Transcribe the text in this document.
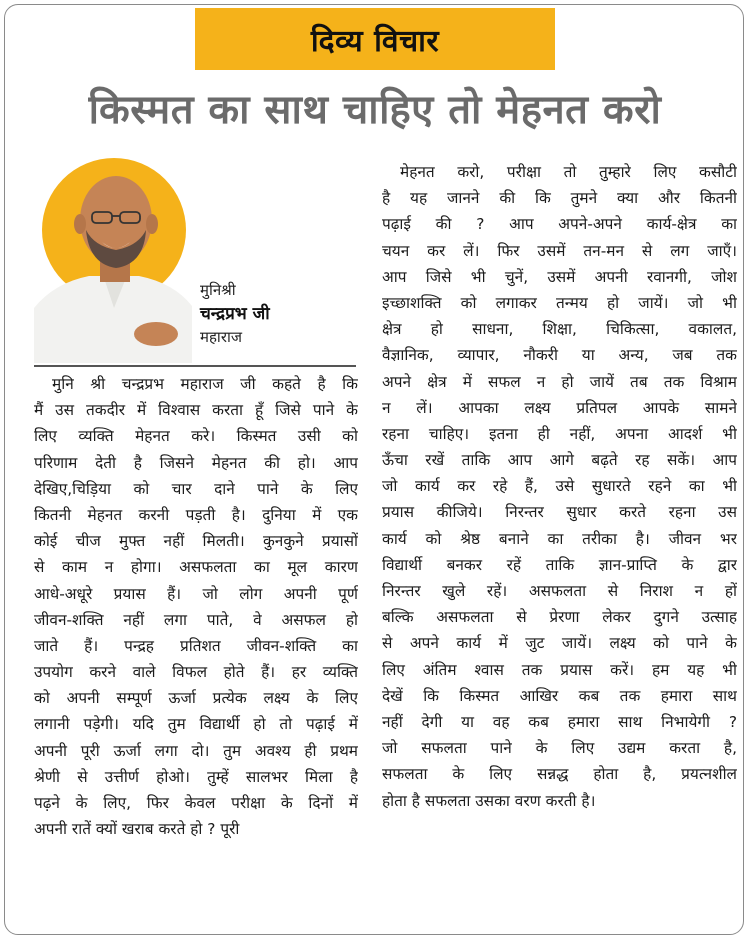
दिव्य विचार
किस्मत का साथ चाहिए तो मेहनत करो
मुनिश्री
चन्द्रप्रभ जी
महाराज
मुनि श्री चन्द्रप्रभ महाराज जी कहते है कि
मैं उस तकदीर में विश्वास करता हूँ जिसे पाने के
लिए व्यक्ति मेहनत करे। किस्मत उसी को
परिणाम देती है जिसने मेहनत की हो। आप
देखिए,चिड़िया को चार दाने पाने के लिए
कितनी मेहनत करनी पड़ती है। दुनिया में एक
कोई चीज मुफ्त नहीं मिलती। कुनकुने प्रयासों
से काम न होगा। असफलता का मूल कारण
आधे-अधूरे प्रयास हैं। जो लोग अपनी पूर्ण
जीवन-शक्ति नहीं लगा पाते, वे असफल हो
जाते हैं। पन्द्रह प्रतिशत जीवन-शक्ति का
उपयोग करने वाले विफल होते हैं। हर व्यक्ति
को अपनी सम्पूर्ण ऊर्जा प्रत्येक लक्ष्य के लिए
लगानी पड़ेगी। यदि तुम विद्यार्थी हो तो पढ़ाई में
अपनी पूरी ऊर्जा लगा दो। तुम अवश्य ही प्रथम
श्रेणी से उत्तीर्ण होओ। तुम्हें सालभर मिला है
पढ़ने के लिए, फिर केवल परीक्षा के दिनों में
अपनी रातें क्यों खराब करते हो ? पूरी
मेहनत करो, परीक्षा तो तुम्हारे लिए कसौटी
है यह जानने की कि तुमने क्या और कितनी
पढ़ाई की ? आप अपने-अपने कार्य-क्षेत्र का
चयन कर लें। फिर उसमें तन-मन से लग जाएँ।
आप जिसे भी चुनें, उसमें अपनी रवानगी, जोश
इच्छाशक्ति को लगाकर तन्मय हो जायें। जो भी
क्षेत्र हो साधना, शिक्षा, चिकित्सा, वकालत,
वैज्ञानिक, व्यापार, नौकरी या अन्य, जब तक
अपने क्षेत्र में सफल न हो जायें तब तक विश्राम
न लें। आपका लक्ष्य प्रतिपल आपके सामने
रहना चाहिए। इतना ही नहीं, अपना आदर्श भी
ऊँचा रखें ताकि आप आगे बढ़ते रह सकें। आप
जो कार्य कर रहे हैं, उसे सुधारते रहने का भी
प्रयास कीजिये। निरन्तर सुधार करते रहना उस
कार्य को श्रेष्ठ बनाने का तरीका है। जीवन भर
विद्यार्थी बनकर रहें ताकि ज्ञान-प्राप्ति के द्वार
निरन्तर खुले रहें। असफलता से निराश न हों
बल्कि असफलता से प्रेरणा लेकर दुगने उत्साह
से अपने कार्य में जुट जायें। लक्ष्य को पाने के
लिए अंतिम श्वास तक प्रयास करें। हम यह भी
देखें कि किस्मत आखिर कब तक हमारा साथ
नहीं देगी या वह कब हमारा साथ निभायेगी ?
जो सफलता पाने के लिए उद्यम करता है,
सफलता के लिए सन्नद्ध होता है, प्रयत्नशील
होता है सफलता उसका वरण करती है।
